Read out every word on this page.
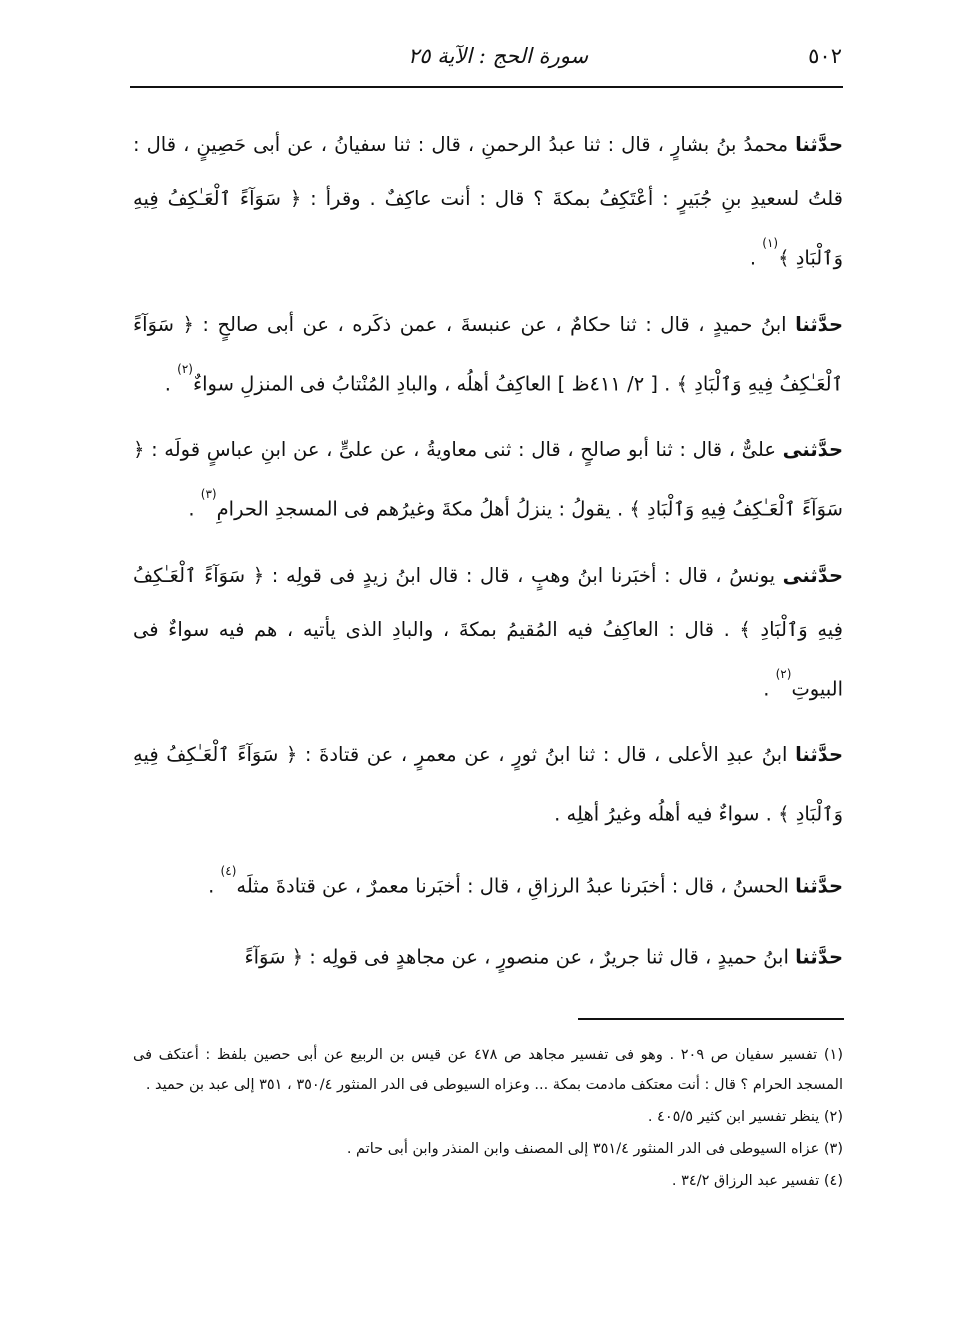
٥٠٢
سورة الحج : الآية ٢٥

حدَّثنا محمدُ بنُ بشارٍ ، قال : ثنا عبدُ الرحمنِ ، قال : ثنا سفيانُ ، عن أبى حَصِينٍ ، قال : قلتُ لسعيدِ بنِ جُبَيرٍ : أعْتَكِفُ بمكةَ ؟ قال : أنت عاكِفٌ . وقرأ : ﴿ سَوَآءً ٱلْعَـٰكِفُ فِيهِ وَٱلْبَادِ ﴾$^{(١)}$ .

حدَّثنا ابنُ حميدٍ ، قال : ثنا حكامٌ ، عن عنبسةَ ، عمن ذكَره ، عن أبى صالحٍ : ﴿ سَوَآءً ٱلْعَـٰكِفُ فِيهِ وَٱلْبَادِ ﴾ . [ ٢/ ٤١١ظ ] العاكِفُ أهلُه ، والبادِ المُنْتابُ فى المنزلِ سواءٌ$^{(٢)}$ .

حدَّثنى علىٌّ ، قال : ثنا أبو صالحٍ ، قال : ثنى معاويةُ ، عن علىٍّ ، عن ابنِ عباسٍ قولَه : ﴿ سَوَآءً ٱلْعَـٰكِفُ فِيهِ وَٱلْبَادِ ﴾ . يقولُ : ينزلُ أهلُ مكةَ وغيرُهم فى المسجدِ الحرامِ$^{(٣)}$ .

حدَّثنى يونسُ ، قال : أخبَرنا ابنُ وهبٍ ، قال : قال ابنُ زيدٍ فى قولِه : ﴿ سَوَآءً ٱلْعَـٰكِفُ فِيهِ وَٱلْبَادِ ﴾ . قال : العاكِفُ فيه المُقيمُ بمكةَ ، والبادِ الذى يأتيه ، هم فيه سواءٌ فى البيوتِ$^{(٢)}$ .

حدَّثنا ابنُ عبدِ الأعلى ، قال : ثنا ابنُ ثورٍ ، عن معمرٍ ، عن قتادةَ : ﴿ سَوَآءً ٱلْعَـٰكِفُ فِيهِ وَٱلْبَادِ ﴾ . سواءٌ فيه أهلُه وغيرُ أهلِه .

حدَّثنا الحسنُ ، قال : أخبَرنا عبدُ الرزاقِ ، قال : أخبَرنا معمرٌ ، عن قتادةَ مثلَه$^{(٤)}$ .

حدَّثنا ابنُ حميدٍ ، قال ثنا جريرٌ ، عن منصورٍ ، عن مجاهدٍ فى قولِه : ﴿ سَوَآءً

(١) تفسير سفيان ص ٢٠٩ . وهو فى تفسير مجاهد ص ٤٧٨ عن قيس بن الربيع عن أبى حصين بلفظ : أعتكف فى المسجد الحرام ؟ قال : أنت معتكف مادمت بمكة ... وعزاه السيوطى فى الدر المنثور ٣٥٠/٤ ، ٣٥١ إلى عبد بن حميد .

(٢) ينظر تفسير ابن كثير ٤٠٥/٥ .

(٣) عزاه السيوطى فى الدر المنثور ٣٥١/٤ إلى المصنف وابن المنذر وابن أبى حاتم .

(٤) تفسير عبد الرزاق ٣٤/٢ .
